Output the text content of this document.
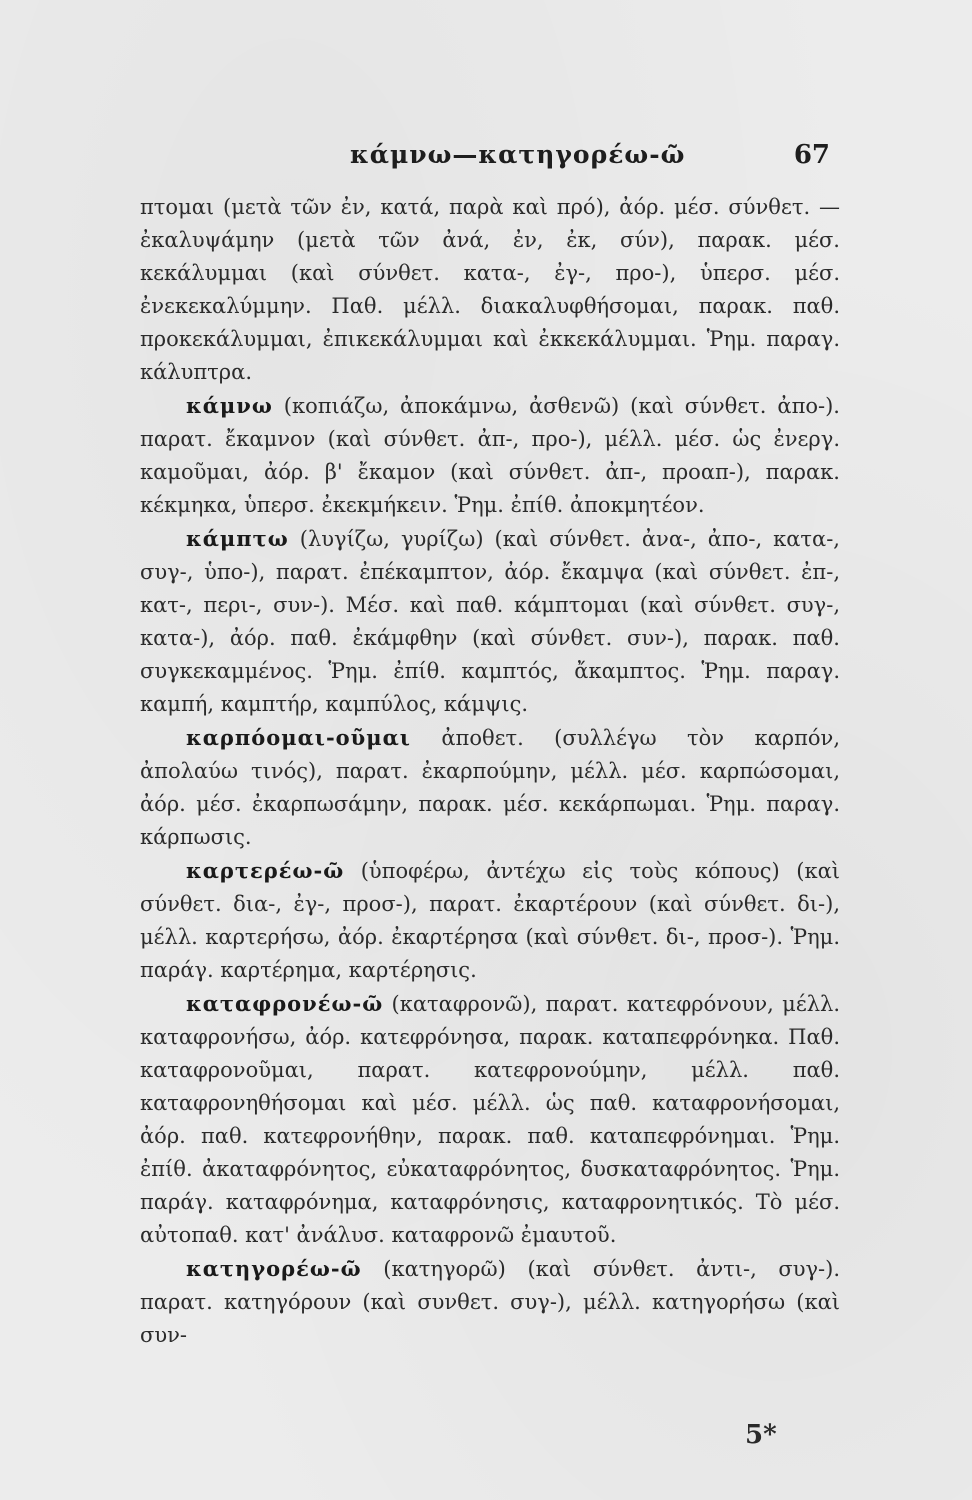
κάμνω—κατηγορέω-ῶ	67

πτομαι (μετὰ τῶν ἐν, κατά, παρὰ καὶ πρό), ἀόρ. μέσ. σύνθετ. — ἐκαλυψάμην (μετὰ τῶν ἀνά, ἐν, ἐκ, σύν), παρακ. μέσ. κεκάλυμμαι (καὶ σύνθετ. κατα-, ἐγ-, προ-), ὑπερσ. μέσ. ἐνεκεκαλύμμην. Παθ. μέλλ. διακαλυφθήσομαι, παρακ. παθ. προκεκάλυμμαι, ἐπικεκάλυμμαι καὶ ἐκκεκάλυμμαι. Ῥημ. παραγ. κάλυπτρα.

κάμνω (κοπιάζω, ἀποκάμνω, ἀσθενῶ) (καὶ σύνθετ. ἀπο-). παρατ. ἔκαμνον (καὶ σύνθετ. ἀπ-, προ-), μέλλ. μέσ. ὡς ἐνεργ. καμοῦμαι, ἀόρ. β' ἔκαμον (καὶ σύνθετ. ἀπ-, προαπ-), παρακ. κέκμηκα, ὑπερσ. ἐκεκμήκειν. Ῥημ. ἐπίθ. ἀποκμητέον.

κάμπτω (λυγίζω, γυρίζω) (καὶ σύνθετ. ἀνα-, ἀπο-, κατα-, συγ-, ὑπο-), παρατ. ἐπέκαμπτον, ἀόρ. ἔκαμψα (καὶ σύνθετ. ἐπ-, κατ-, περι-, συν-). Μέσ. καὶ παθ. κάμπτομαι (καὶ σύνθετ. συγ-, κατα-), ἀόρ. παθ. ἐκάμφθην (καὶ σύνθετ. συν-), παρακ. παθ. συγκεκαμμένος. Ῥημ. ἐπίθ. καμπτός, ἄκαμπτος. Ῥημ. παραγ. καμπή, καμπτήρ, καμπύλος, κάμψις.

καρπόομαι-οῦμαι ἀποθετ. (συλλέγω τὸν καρπόν, ἀπολαύω τινός), παρατ. ἐκαρπούμην, μέλλ. μέσ. καρπώσομαι, ἀόρ. μέσ. ἐκαρπωσάμην, παρακ. μέσ. κεκάρπωμαι. Ῥημ. παραγ. κάρπωσις.

καρτερέω-ῶ (ὑποφέρω, ἀντέχω εἰς τοὺς κόπους) (καὶ σύνθετ. δια-, ἐγ-, προσ-), παρατ. ἐκαρτέρουν (καὶ σύνθετ. δι-), μέλλ. καρτερήσω, ἀόρ. ἐκαρτέρησα (καὶ σύνθετ. δι-, προσ-). Ῥημ. παράγ. καρτέρημα, καρτέρησις.

καταφρονέω-ῶ (καταφρονῶ), παρατ. κατεφρόνουν, μέλλ. καταφρονήσω, ἀόρ. κατεφρόνησα, παρακ. καταπεφρόνηκα. Παθ. καταφρονοῦμαι, παρατ. κατεφρονούμην, μέλλ. παθ. καταφρονηθήσομαι καὶ μέσ. μέλλ. ὡς παθ. καταφρονήσομαι, ἀόρ. παθ. κατεφρονήθην, παρακ. παθ. καταπεφρόνημαι. Ῥημ. ἐπίθ. ἀκαταφρόνητος, εὐκαταφρόνητος, δυσκαταφρόνητος. Ῥημ. παράγ. καταφρόνημα, καταφρόνησις, καταφρονητικός. Τὸ μέσ. αὐτοπαθ. κατ' ἀνάλυσ. καταφρονῶ ἐμαυτοῦ.

κατηγορέω-ῶ (κατηγορῶ) (καὶ σύνθετ. ἀντι-, συγ-). παρατ. κατηγόρουν (καὶ συνθετ. συγ-), μέλλ. κατηγορήσω (καὶ συν-

5*
